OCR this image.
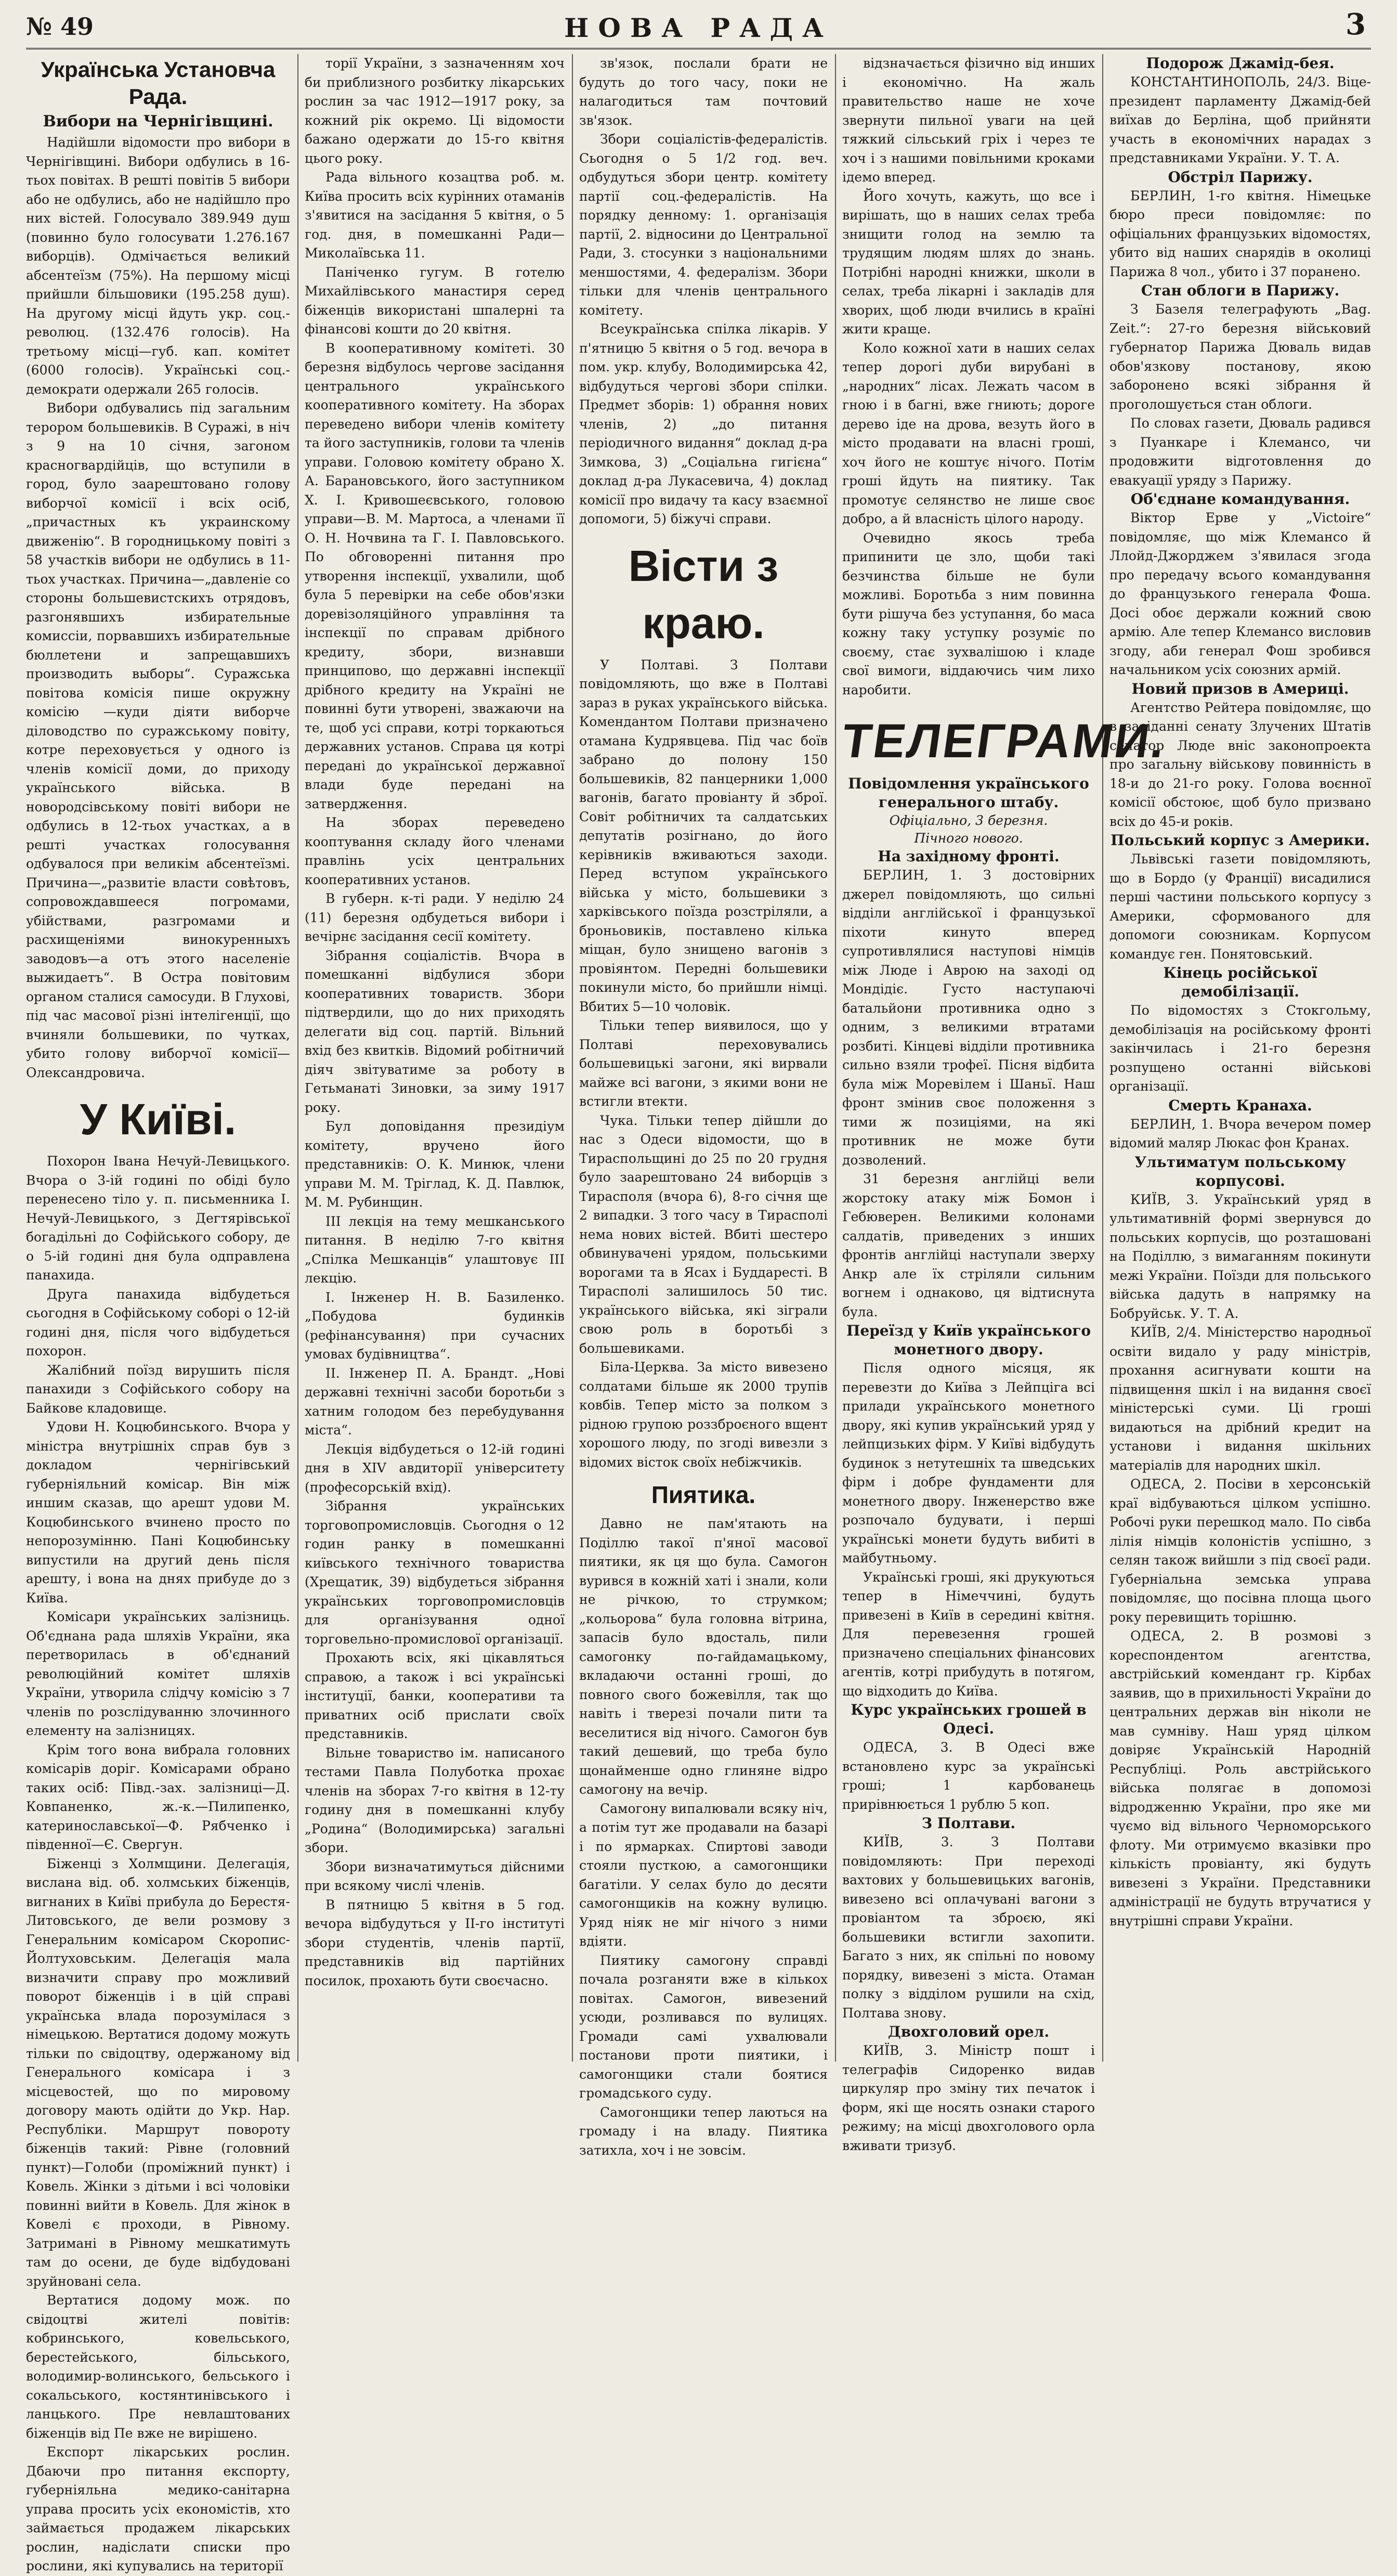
№ 49	НОВА РАДА	3
Українська Установча Рада.
Вибори на Чернігівщині.

Надійшли відомости про вибори в Чернігівщині. Вибори одбулись в 16-тьох повітах. В решті повітів 5 вибори або не одбулись, або не надійшло про них вістей. Голосувало 389.949 душ (повинно було голосувати 1.276.167 виборців). Одмічається великий абсентеїзм (75%). На першому місці прийшли більшовики (195.258 душ). На другому місці йдуть укр. соц.-революц. (132.476 голосів). На третьому місці—губ. кап. комітет (6000 голосів). Українські соц.-демократи одержали 265 голосів.

Вибори одбувались під загальним терором большевиків. В Суражі, в ніч з 9 на 10 січня, загоном красногвардійців, що вступили в город, було заарештовано голову виборчої комісії і всіх осіб, „причастных къ украинскому движенію“. В городницькому повіті з 58 участків вибори не одбулись в 11-тьох участках. Причина—„давленіе со стороны большевистскихъ отрядовъ, разгонявшихъ избирательные комиссіи, порвавшихъ избирательные бюллетени и запрещавшихъ производить выборы“. Суражська повітова комісія пише окружну комісію —куди діяти виборче діловодство по суражському повіту, котре переховується у одного із членів комісії доми, до приходу українського війська. В новородсівському повіті вибори не одбулись в 12-тьох участках, а в решті участках голосування одбувалося при великім абсентеїзмі. Причина—„развитіе власти совѣтовъ, сопровождавшееся погромами, убійствами, разгромами и расхищеніями винокуренныхъ заводовъ—а отъ этого населеніе выжидаетъ“. В Остра повітовим органом сталися самосуди. В Глухові, під час масової різні інтелігенції, що вчиняли большевики, по чутках, убито голову виборчої комісії—Олександровича.

У Київі.

Похорон Івана Нечуй-Левицького. Вчора о 3-ій годині по обіді було перенесено тіло у. п. письменника І. Нечуй-Левицького, з Дегтярівської богадільні до Софійського собору, де о 5-ій годині дня була одправлена панахида.

Друга панахида відбудеться сьогодня в Софійському соборі о 12-ій годині дня, після чого відбудеться похорон.

Жалібний поїзд вирушить після панахиди з Софійського собору на Байкове кладовище.

Удови Н. Коцюбинського. Вчора у міністра внутрішніх справ був з докладом чернігівський губерніяльний комісар. Він між иншим сказав, що арешт удови М. Коцюбинського вчинено просто по непорозумінню. Пані Коцюбинську випустили на другий день після арешту, і вона на днях прибуде до з Київа.

Комісари українських залізниць. Об'єднана рада шляхів України, яка перетворилась в об'єднаний революційний комітет шляхів України, утворила слідчу комісію з 7 членів по розслідуванню злочинного елементу на залізницях.

Крім того вона вибрала головних комісарів доріг. Комісарами обрано таких осіб: Півд.-зах. залізниці—Д. Ковпаненко, ж.-к.—Пилипенко, катеринославської—Ф. Рябченко і південної—Є. Свергун.

Біженці з Холмщини. Делегація, вислана від. об. холмських біженців, вигнаних в Київі прибула до Берестя-Литовського, де вели розмову з Генеральним комісаром Скоропис-Йолтуховським. Делегація мала визначити справу про можливий поворот біженців і в цій справі українська влада порозумілася з німецькою. Вертатися додому можуть тільки по свідоцтву, одержаному від Генерального комісара і з місцевостей, що по мировому договору мають одійти до Укр. Нар. Республіки. Маршрут повороту біженців такий: Рівне (головний пункт)—Голоби (проміжний пункт) і Ковель. Жінки з дітьми і всі чоловіки повинні вийти в Ковель. Для жінок в Ковелі є проходи, в Рівному. Затримані в Рівному мешкатимуть там до осени, де буде відбудовані зруйновані села.

Вертатися додому мож. по свідоцтві жителі повітів: кобринського, ковельського, берестейського, більського, володимир-волинського, бельського і сокальського, костянтинівського і ланцького. Пре невлаштованих біженців від Пе вже не вирішено.

Експорт лікарських рослин. Дбаючи про питання експорту, губерніяльна медико-санітарна управа просить усіх економістів, хто займається продажем лікарських рослин, надіслати списки про рослини, які купувались на території

торії України, з зазначенням хоч би приблизного розбитку лікарських рослин за час 1912—1917 року, за кожний рік окремо. Ці відомости бажано одержати до 15-го квітня цього року.

Рада вільного козацтва роб. м. Київа просить всіх курінних отаманів з'явитися на засідання 5 квітня, о 5 год. дня, в помешканні Ради—Миколаївська 11.

Паніченко гугум. В готелю Михайлівського манастиря серед біженців використані шпалерні та фінансові кошти до 20 квітня.

В кооперативному комітеті. 30 березня відбулось чергове засідання центрального українського кооперативного комітету. На зборах переведено вибори членів комітету та його заступників, голови та членів управи. Головою комітету обрано Х. А. Барановського, його заступником Х. І. Кривошеєвського, головою управи—В. М. Мартоса, а членами її О. Н. Ночвина та Г. І. Павловського. По обговоренні питання про утворення інспекції, ухвалили, щоб була 5 перевірки на себе обов'язки доревізоляційного управління та інспекції по справам дрібного кредиту, збори, визнавши принципово, що державні інспекції дрібного кредиту на Україні не повинні бути утворені, зважаючи на те, щоб усі справи, котрі торкаються державних установ. Справа ця котрі передані до української державної влади буде передані на затвердження.

На зборах переведено кооптування складу його членами правлінь усіх центральних кооперативних установ.

В губерн. к-ті ради. У неділю 24 (11) березня одбудеться вибори і вечірнє засідання сесії комітету.

Зібрання соціалістів. Вчора в помешканні відбулися збори кооперативних товариств. Збори підтвердили, що до них приходять делегати від соц. партій. Вільний вхід без квитків. Відомий робітничий діяч звітуватиме за роботу в Гетьманаті Зиновки, за зиму 1917 року.

Бул доповідання президіум комітету, вручено його представників: О. К. Минюк, члени управи М. М. Тріглад, К. Д. Павлюк, М. М. Рубинщин.

III лекція на тему мешканського питання. В неділю 7-го квітня „Спілка Мешканців“ улаштовує III лекцію.

І. Інженер Н. В. Базиленко. „Побудова будинків (рефінансування) при сучасних умовах будівництва“.

ІІ. Інженер П. А. Брандт. „Нові державні технічні засоби боротьби з хатним голодом без перебудування міста“.

Лекція відбудеться о 12-ій годині дня в XIV авдиторії університету (професорській вхід).

Зібрання українських торговопромисловців. Сьогодня о 12 годин ранку в помешканні київського технічного товариства (Хрещатик, 39) відбудеться зібрання українських торговопромисловців для організування одної торговельно-промислової організації.

Прохають всіх, які цікавляться справою, а також і всі українські інституції, банки, кооперативи та приватних осіб прислати своїх представників.

Вільне товариство ім. написаного тестами Павла Полуботка прохає членів на зборах 7-го квітня в 12-ту годину дня в помешканні клубу „Родина“ (Володимирська) загальні збори.

Збори визначатимуться дійсними при всякому числі членів.

В пятницю 5 квітня в 5 год. вечора відбудуться у ІІ-го інституті збори студентів, членів партії, представників від партійних посилок, прохають бути своєчасно.

зв'язок, послали брати не будуть до того часу, поки не налагодиться там почтовий зв'язок.

Збори соціалістів-федералістів. Сьогодня о 5 1/2 год. веч. одбудуться збори центр. комітету партії соц.-федералістів. На порядку денному: 1. організація партії, 2. відносини до Центральної Ради, 3. стосунки з національними меншостями, 4. федералізм. Збори тільки для членів центрального комітету.

Всеукраїнська спілка лікарів. У п'ятницю 5 квітня о 5 год. вечора в пом. укр. клубу, Володимирська 42, відбудуться чергові збори спілки. Предмет зборів: 1) обрання нових членів, 2) „до питання періодичного видання“ доклад д-ра Зимкова, 3) „Соціальна гигієна“ доклад д-ра Лукасевича, 4) доклад комісії про видачу та касу взаємної допомоги, 5) біжучі справи.

Вісти з краю.

У Полтаві. З Полтави повідомляють, що вже в Полтаві зараз в руках українського війська. Комендантом Полтави призначено отамана Кудрявцева. Під час боїв забрано до полону 150 большевиків, 82 панцерники 1,000 вагонів, багато провіанту й зброї. Совіт робітничих та салдатських депутатів розігнано, до його керівників вживаються заходи. Перед вступом українського війська у місто, большевики з харківського поїзда розстріляли, а броньовиків, поставлено кілька міщан, було знищено вагонів з провіянтом. Передні большевики покинули місто, бо прийшли німці. Вбитих 5—10 чоловік.

Тільки тепер виявилося, що у Полтаві переховувались большевицькі загони, які вирвали майже всі вагони, з якими вони не встигли втекти.

Чука. Тільки тепер дійшли до нас з Одеси відомости, що в Тираспольщині до 25 по 20 грудня було заарештовано 24 виборців з Тирасполя (вчора 6), 8-го січня ще 2 випадки. З того часу в Тирасполі нема нових вістей. Вбиті шестеро обвинувачені урядом, польськими ворогами та в Ясах і Буддаресті. В Тирасполі залишилось 50 тис. українського війська, які зіграли свою роль в боротьбі з большевиками.

Біла-Церква. За місто вивезено солдатами більше як 2000 трупів ковбів. Тепер місто за полком з рідною групою роззброєного вщент хорошого люду, по згоді вивезли з відомих вісток своїх небіжчиків.

Пиятика.

Давно не пам'ятають на Поділлю такої п'яної масової пиятики, як ця що була. Самогон вурився в кожній хаті і знали, коли не річкою, то струмком; „кольорова“ була головна вітрина, запасів було вдосталь, пили самогонку по-гайдамацькому, вкладаючи останні гроші, до повного свого божевілля, так що навіть і тверезі почали пити та веселитися від нічого. Самогон був такий дешевий, що треба було щонайменше одно глиняне відро самогону на вечір.

Самогону випалювали всяку ніч, а потім тут же продавали на базарі і по ярмарках. Спиртові заводи стояли пусткою, а самогонщики багатіли. У селах було до десяти самогонщиків на кожну вулицю. Уряд ніяк не міг нічого з ними вдіяти.

Пиятику самогону справді почала розганяти вже в кількох повітах. Самогон, вивезений усюди, розливався по вулицях. Громади самі ухвалювали постанови проти пиятики, і самогонщики стали боятися громадського суду.

Самогонщики тепер лаються на громаду і на владу. Пиятика затихла, хоч і не зовсім.

відзначається фізично від инших і економічно. На жаль правительство наше не хоче звернути пильної уваги на цей тяжкий сільський гріх і через те хоч і з нашими повільними кроками ідемо вперед.

Його хочуть, кажуть, що все і вирішать, що в наших селах треба знищити голод на землю та трудящим людям шлях до знань. Потрібні народні книжки, школи в селах, треба лікарні і закладів для хворих, щоб люди вчились в країні жити краще.

Коло кожної хати в наших селах тепер дорогі дуби вирубані в „народних“ лісах. Лежать часом в гною і в багні, вже гниють; дороге дерево іде на дрова, везуть його в місто продавати на власні гроші, хоч його не коштує нічого. Потім гроші йдуть на пиятику. Так промотує селянство не лише своє добро, а й власність цілого народу.

Очевидно якось треба припинити це зло, щоби такі безчинства більше не були можливі. Боротьба з ним повинна бути рішуча без уступання, бо маса кожну таку уступку розуміє по своєму, стає зухвалішою і кладе свої вимоги, віддаючись чим лихо наробити.

ТЕЛЕГРАМИ.
Повідомлення українського генерального штабу.
Офіціально, 3 березня.
Пічного нового.
На західному фронті.

БЕРЛИН, 1. З достовірних джерел повідомляють, що сильні відділи англійської і французької піхоти кинуто вперед супротивлялися наступові німців між Люде і Аврою на заході од Мондідіє. Густо наступаючі батальйони противника одно з одним, з великими втратами розбиті. Кінцеві відділи противника сильно взяли трофеї. Пісня відбита була між Моревілем і Шаньї. Наш фронт змінив своє положення з тими ж позиціями, на які противник не може бути дозволений.

31 березня англійці вели жорстоку атаку між Бомон і Гебюверен. Великими колонами салдатів, приведених з инших фронтів англійці наступали зверху Анкр але їх стріляли сильним вогнем і однаково, ця відтиснута була.

Переїзд у Київ українського монетного двору.

Після одного місяця, як перевезти до Київа з Лейпціга всі прилади українського монетного двору, які купив український уряд у лейпцизьких фірм. У Київі відбудуть будинок з нетутешніх та шведських фірм і добре фундаменти для монетного двору. Інженерство вже розпочало будувати, і перші українські монети будуть вибиті в майбутньому.

Українські гроші, які друкуються тепер в Німеччині, будуть привезені в Київ в середині квітня. Для перевезення грошей призначено спеціальних фінансових агентів, котрі прибудуть в потягом, що відходить до Київа.

Курс українських грошей в Одесі.

ОДЕСА, 3. В Одесі вже встановлено курс за українські гроші; 1 карбованець прирівнюється 1 рублю 5 коп.

З Полтави.

КИЇВ, 3. З Полтави повідомляють: При переході вахтових у большевицьких вагонів, вивезено всі оплачувані вагони з провіантом та зброєю, які большевики встигли захопити. Багато з них, як спільні по новому порядку, вивезені з міста. Отаман полку з відділом рушили на схід, Полтава знову.

Двохголовий орел.

КИЇВ, 3. Міністр пошт і телеграфів Сидоренко видав циркуляр про зміну тих печаток і форм, які ще носять ознаки старого режиму; на місці двохголового орла вживати тризуб.

Подорож Джамід-бея.

КОНСТАНТИНОПОЛЬ, 24/3. Віце-президент парламенту Джамід-бей виїхав до Берліна, щоб прийняти участь в економічних нарадах з представниками України. У. Т. А.

Обстріл Парижу.

БЕРЛИН, 1-го квітня. Німецьке бюро преси повідомляє: по офіціальних французьких відомостях, убито від наших снарядів в околиці Парижа 8 чол., убито і 37 поранено.

Стан облоги в Парижу.

З Базеля телеграфують „Bag. Zeit.“: 27-го березня військовий губернатор Парижа Дюваль видав обов'язкову постанову, якою заборонено всякі зібрання й проголошується стан облоги.

По словах газети, Дюваль радився з Пуанкаре і Клемансо, чи продовжити відготовлення до евакуації уряду з Парижу.

Об'єднане командування.

Віктор Ерве у „Victoire“ повідомляє, що між Клемансо й Ллойд-Джорджем з'явилася згода про передачу всього командування до французького генерала Фоша. Досі обоє держали кожний свою армію. Але тепер Клемансо висловив згоду, аби генерал Фош зробився начальником усіх союзних армій.

Новий призов в Америці.

Агентство Рейтера повідомляє, що в засіданні сенату Злучених Штатів сенатор Люде вніс законопроекта про загальну військову повинність в 18-и до 21-го року. Голова воєнної комісії обстоює, щоб було призвано всіх до 45-и років.

Польський корпус з Америки.

Львівські газети повідомляють, що в Бордо (у Франції) висадилися перші частини польського корпусу з Америки, сформованого для допомоги союзникам. Корпусом командує ген. Понятовський.

Кінець російської демобілізації.

По відомостях з Стокгольму, демобілізація на російському фронті закінчилась і 21-го березня розпущено останні військові організації.

Смерть Кранаха.

БЕРЛИН, 1. Вчора вечером помер відомий маляр Люкас фон Кранах.

Ультиматум польському корпусові.

КИЇВ, 3. Український уряд в ультимативній формі звернувся до польських корпусів, що розташовані на Поділлю, з вимаганням покинути межі України. Поїзди для польського війська дадуть в напрямку на Бобруйськ. У. Т. А.

КИЇВ, 2/4. Міністерство народньої освіти видало у раду міністрів, прохання асигнувати кошти на підвищення шкіл і на видання своєї міністерські суми. Ці гроші видаються на дрібний кредит на установи і видання шкільних матеріалів для народних шкіл.

ОДЕСА, 2. Посіви в херсонській краї відбуваються цілком успішно. Робочі руки перешкод мало. По сівба лілія німців колоністів успішно, з селян також вийшли з під своєї ради. Губерніальна земська управа повідомляє, що посівна площа цього року перевищить торішню.

ОДЕСА, 2. В розмові з кореспондентом агентства, австрійський комендант гр. Кірбах заявив, що в прихильності України до центральних держав він ніколи не мав сумніву. Наш уряд цілком довіряє Українській Народній Республіці. Роль австрійського війська полягає в допомозі відродженню України, про яке ми чуємо від вільного Черноморського флоту. Ми отримуємо вказівки про кількість провіанту, які будуть вивезені з України. Представники адміністрації не будуть втручатися у внутрішні справи України.
